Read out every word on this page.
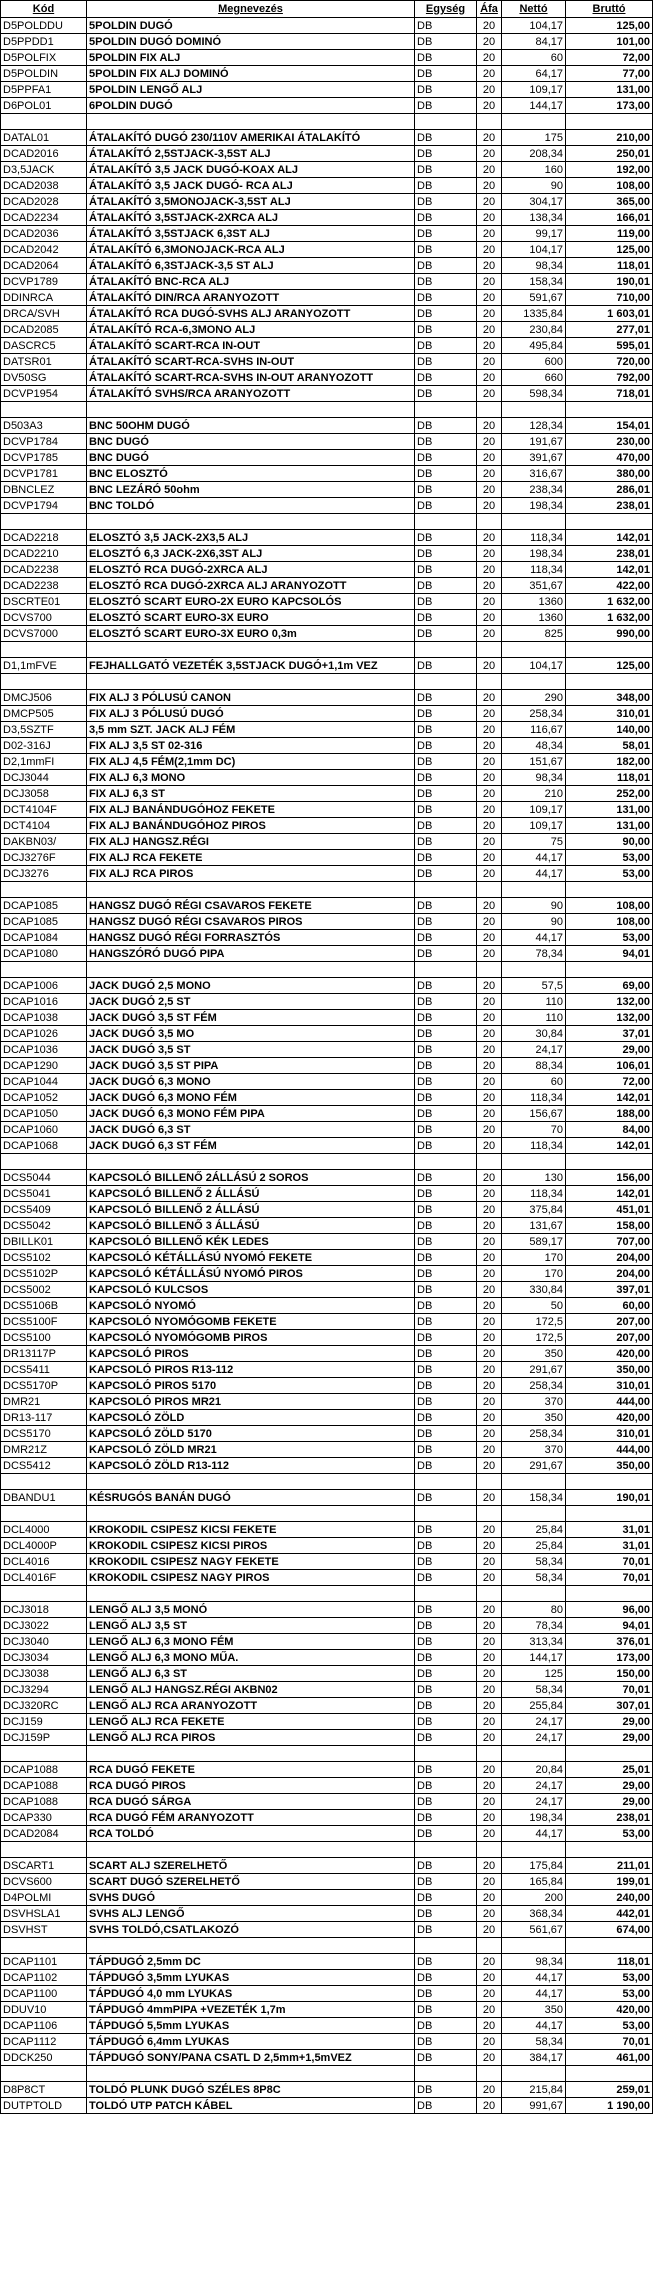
Kód	Megnevezés	Egység	Áfa	Nettó	Bruttó
D5POLDDU	5POLDIN DUGÓ	DB	20	104,17	125,00
D5PPDD1	5POLDIN DUGÓ DOMINÓ	DB	20	84,17	101,00
D5POLFIX	5POLDIN FIX ALJ	DB	20	60	72,00
D5POLDIN	5POLDIN FIX ALJ DOMINÓ	DB	20	64,17	77,00
D5PPFA1	5POLDIN LENGŐ ALJ	DB	20	109,17	131,00
D6POL01	6POLDIN DUGÓ	DB	20	144,17	173,00

DATAL01	ÁTALAKÍTÓ DUGÓ 230/110V AMERIKAI ÁTALAKÍTÓ	DB	20	175	210,00
DCAD2016	ÁTALAKÍTÓ 2,5STJACK-3,5ST ALJ	DB	20	208,34	250,01
D3,5JACK	ÁTALAKÍTÓ 3,5 JACK DUGÓ-KOAX ALJ	DB	20	160	192,00
DCAD2038	ÁTALAKÍTÓ 3,5 JACK DUGÓ- RCA ALJ	DB	20	90	108,00
DCAD2028	ÁTALAKÍTÓ 3,5MONOJACK-3,5ST ALJ	DB	20	304,17	365,00
DCAD2234	ÁTALAKÍTÓ 3,5STJACK-2XRCA ALJ	DB	20	138,34	166,01
DCAD2036	ÁTALAKÍTÓ 3,5STJACK 6,3ST ALJ	DB	20	99,17	119,00
DCAD2042	ÁTALAKÍTÓ 6,3MONOJACK-RCA ALJ	DB	20	104,17	125,00
DCAD2064	ÁTALAKÍTÓ 6,3STJACK-3,5 ST ALJ	DB	20	98,34	118,01
DCVP1789	ÁTALAKÍTÓ BNC-RCA ALJ	DB	20	158,34	190,01
DDINRCA	ÁTALAKÍTÓ DIN/RCA ARANYOZOTT	DB	20	591,67	710,00
DRCA/SVH	ÁTALAKÍTÓ RCA DUGÓ-SVHS ALJ ARANYOZOTT	DB	20	1335,84	1 603,01
DCAD2085	ÁTALAKÍTÓ RCA-6,3MONO ALJ	DB	20	230,84	277,01
DASCRC5	ÁTALAKÍTÓ SCART-RCA IN-OUT	DB	20	495,84	595,01
DATSR01	ÁTALAKÍTÓ SCART-RCA-SVHS IN-OUT	DB	20	600	720,00
DV50SG	ÁTALAKÍTÓ SCART-RCA-SVHS IN-OUT ARANYOZOTT	DB	20	660	792,00
DCVP1954	ÁTALAKÍTÓ SVHS/RCA ARANYOZOTT	DB	20	598,34	718,01

D503A3	BNC 50OHM DUGÓ	DB	20	128,34	154,01
DCVP1784	BNC DUGÓ	DB	20	191,67	230,00
DCVP1785	BNC DUGÓ	DB	20	391,67	470,00
DCVP1781	BNC ELOSZTÓ	DB	20	316,67	380,00
DBNCLEZ	BNC LEZÁRÓ 50ohm	DB	20	238,34	286,01
DCVP1794	BNC TOLDÓ	DB	20	198,34	238,01

DCAD2218	ELOSZTÓ 3,5 JACK-2X3,5 ALJ	DB	20	118,34	142,01
DCAD2210	ELOSZTÓ 6,3 JACK-2X6,3ST ALJ	DB	20	198,34	238,01
DCAD2238	ELOSZTÓ RCA DUGÓ-2XRCA ALJ	DB	20	118,34	142,01
DCAD2238	ELOSZTÓ RCA DUGÓ-2XRCA ALJ ARANYOZOTT	DB	20	351,67	422,00
DSCRTE01	ELOSZTÓ SCART EURO-2X EURO KAPCSOLÓS	DB	20	1360	1 632,00
DCVS700	ELOSZTÓ SCART EURO-3X EURO	DB	20	1360	1 632,00
DCVS7000	ELOSZTÓ SCART EURO-3X EURO 0,3m	DB	20	825	990,00

D1,1mFVE	FEJHALLGATÓ VEZETÉK 3,5STJACK DUGÓ+1,1m VEZ	DB	20	104,17	125,00

DMCJ506	FIX ALJ 3 PÓLUSÚ CANON	DB	20	290	348,00
DMCP505	FIX ALJ 3 PÓLUSÚ DUGÓ	DB	20	258,34	310,01
D3,5SZTF	3,5 mm SZT. JACK ALJ FÉM	DB	20	116,67	140,00
D02-316J	FIX ALJ 3,5 ST 02-316	DB	20	48,34	58,01
D2,1mmFI	FIX ALJ 4,5 FÉM(2,1mm DC)	DB	20	151,67	182,00
DCJ3044	FIX ALJ 6,3 MONO	DB	20	98,34	118,01
DCJ3058	FIX ALJ 6,3 ST	DB	20	210	252,00
DCT4104F	FIX ALJ BANÁNDUGÓHOZ FEKETE	DB	20	109,17	131,00
DCT4104	FIX ALJ BANÁNDUGÓHOZ PIROS	DB	20	109,17	131,00
DAKBN03/	FIX ALJ HANGSZ.RÉGI	DB	20	75	90,00
DCJ3276F	FIX ALJ RCA FEKETE	DB	20	44,17	53,00
DCJ3276	FIX ALJ RCA PIROS	DB	20	44,17	53,00

DCAP1085	HANGSZ DUGÓ RÉGI CSAVAROS FEKETE	DB	20	90	108,00
DCAP1085	HANGSZ DUGÓ RÉGI CSAVAROS PIROS	DB	20	90	108,00
DCAP1084	HANGSZ DUGÓ RÉGI FORRASZTÓS	DB	20	44,17	53,00
DCAP1080	HANGSZÓRÓ DUGÓ PIPA	DB	20	78,34	94,01

DCAP1006	JACK DUGÓ 2,5 MONO	DB	20	57,5	69,00
DCAP1016	JACK DUGÓ 2,5 ST	DB	20	110	132,00
DCAP1038	JACK DUGÓ 3,5 ST FÉM	DB	20	110	132,00
DCAP1026	JACK DUGÓ 3,5 MO	DB	20	30,84	37,01
DCAP1036	JACK DUGÓ 3,5 ST	DB	20	24,17	29,00
DCAP1290	JACK DUGÓ 3,5 ST PIPA	DB	20	88,34	106,01
DCAP1044	JACK DUGÓ 6,3 MONO	DB	20	60	72,00
DCAP1052	JACK DUGÓ 6,3 MONO FÉM	DB	20	118,34	142,01
DCAP1050	JACK DUGÓ 6,3 MONO FÉM PIPA	DB	20	156,67	188,00
DCAP1060	JACK DUGÓ 6,3 ST	DB	20	70	84,00
DCAP1068	JACK DUGÓ 6,3 ST FÉM	DB	20	118,34	142,01

DCS5044	KAPCSOLÓ BILLENŐ 2ÁLLÁSÚ 2 SOROS	DB	20	130	156,00
DCS5041	KAPCSOLÓ BILLENŐ 2 ÁLLÁSÚ	DB	20	118,34	142,01
DCS5409	KAPCSOLÓ BILLENŐ 2 ÁLLÁSÚ	DB	20	375,84	451,01
DCS5042	KAPCSOLÓ BILLENŐ 3 ÁLLÁSÚ	DB	20	131,67	158,00
DBILLK01	KAPCSOLÓ BILLENŐ KÉK LEDES	DB	20	589,17	707,00
DCS5102	KAPCSOLÓ KÉTÁLLÁSÚ NYOMÓ FEKETE	DB	20	170	204,00
DCS5102P	KAPCSOLÓ KÉTÁLLÁSÚ NYOMÓ PIROS	DB	20	170	204,00
DCS5002	KAPCSOLÓ KULCSOS	DB	20	330,84	397,01
DCS5106B	KAPCSOLÓ NYOMÓ	DB	20	50	60,00
DCS5100F	KAPCSOLÓ NYOMÓGOMB FEKETE	DB	20	172,5	207,00
DCS5100	KAPCSOLÓ NYOMÓGOMB PIROS	DB	20	172,5	207,00
DR13117P	KAPCSOLÓ PIROS	DB	20	350	420,00
DCS5411	KAPCSOLÓ PIROS R13-112	DB	20	291,67	350,00
DCS5170P	KAPCSOLÓ PIROS 5170	DB	20	258,34	310,01
DMR21	KAPCSOLÓ PIROS MR21	DB	20	370	444,00
DR13-117	KAPCSOLÓ ZÖLD	DB	20	350	420,00
DCS5170	KAPCSOLÓ ZÖLD 5170	DB	20	258,34	310,01
DMR21Z	KAPCSOLÓ ZÖLD MR21	DB	20	370	444,00
DCS5412	KAPCSOLÓ ZÖLD R13-112	DB	20	291,67	350,00

DBANDU1	KÉSRUGÓS BANÁN DUGÓ	DB	20	158,34	190,01

DCL4000	KROKODIL CSIPESZ KICSI FEKETE	DB	20	25,84	31,01
DCL4000P	KROKODIL CSIPESZ KICSI PIROS	DB	20	25,84	31,01
DCL4016	KROKODIL CSIPESZ NAGY FEKETE	DB	20	58,34	70,01
DCL4016F	KROKODIL CSIPESZ NAGY PIROS	DB	20	58,34	70,01

DCJ3018	LENGŐ ALJ 3,5 MONÓ	DB	20	80	96,00
DCJ3022	LENGŐ ALJ 3,5 ST	DB	20	78,34	94,01
DCJ3040	LENGŐ ALJ 6,3 MONO FÉM	DB	20	313,34	376,01
DCJ3034	LENGŐ ALJ 6,3 MONO MŰA.	DB	20	144,17	173,00
DCJ3038	LENGŐ ALJ 6,3 ST	DB	20	125	150,00
DCJ3294	LENGŐ ALJ HANGSZ.RÉGI AKBN02	DB	20	58,34	70,01
DCJ320RC	LENGŐ ALJ RCA ARANYOZOTT	DB	20	255,84	307,01
DCJ159	LENGŐ ALJ RCA FEKETE	DB	20	24,17	29,00
DCJ159P	LENGŐ ALJ RCA PIROS	DB	20	24,17	29,00

DCAP1088	RCA DUGÓ FEKETE	DB	20	20,84	25,01
DCAP1088	RCA DUGÓ PIROS	DB	20	24,17	29,00
DCAP1088	RCA DUGÓ SÁRGA	DB	20	24,17	29,00
DCAP330	RCA DUGÓ FÉM ARANYOZOTT	DB	20	198,34	238,01
DCAD2084	RCA TOLDÓ	DB	20	44,17	53,00

DSCART1	SCART ALJ SZERELHETŐ	DB	20	175,84	211,01
DCVS600	SCART DUGÓ SZERELHETŐ	DB	20	165,84	199,01
D4POLMI	SVHS DUGÓ	DB	20	200	240,00
DSVHSLA1	SVHS ALJ LENGŐ	DB	20	368,34	442,01
DSVHST	SVHS TOLDÓ,CSATLAKOZÓ	DB	20	561,67	674,00

DCAP1101	TÁPDUGÓ 2,5mm DC	DB	20	98,34	118,01
DCAP1102	TÁPDUGÓ 3,5mm LYUKAS	DB	20	44,17	53,00
DCAP1100	TÁPDUGÓ 4,0 mm LYUKAS	DB	20	44,17	53,00
DDUV10	TÁPDUGÓ 4mmPIPA +VEZETÉK 1,7m	DB	20	350	420,00
DCAP1106	TÁPDUGÓ 5,5mm LYUKAS	DB	20	44,17	53,00
DCAP1112	TÁPDUGÓ 6,4mm LYUKAS	DB	20	58,34	70,01
DDCK250	TÁPDUGÓ SONY/PANA CSATL D 2,5mm+1,5mVEZ	DB	20	384,17	461,00

D8P8CT	TOLDÓ PLUNK DUGÓ SZÉLES 8P8C	DB	20	215,84	259,01
DUTPTOLD	TOLDÓ UTP PATCH KÁBEL	DB	20	991,67	1 190,00
